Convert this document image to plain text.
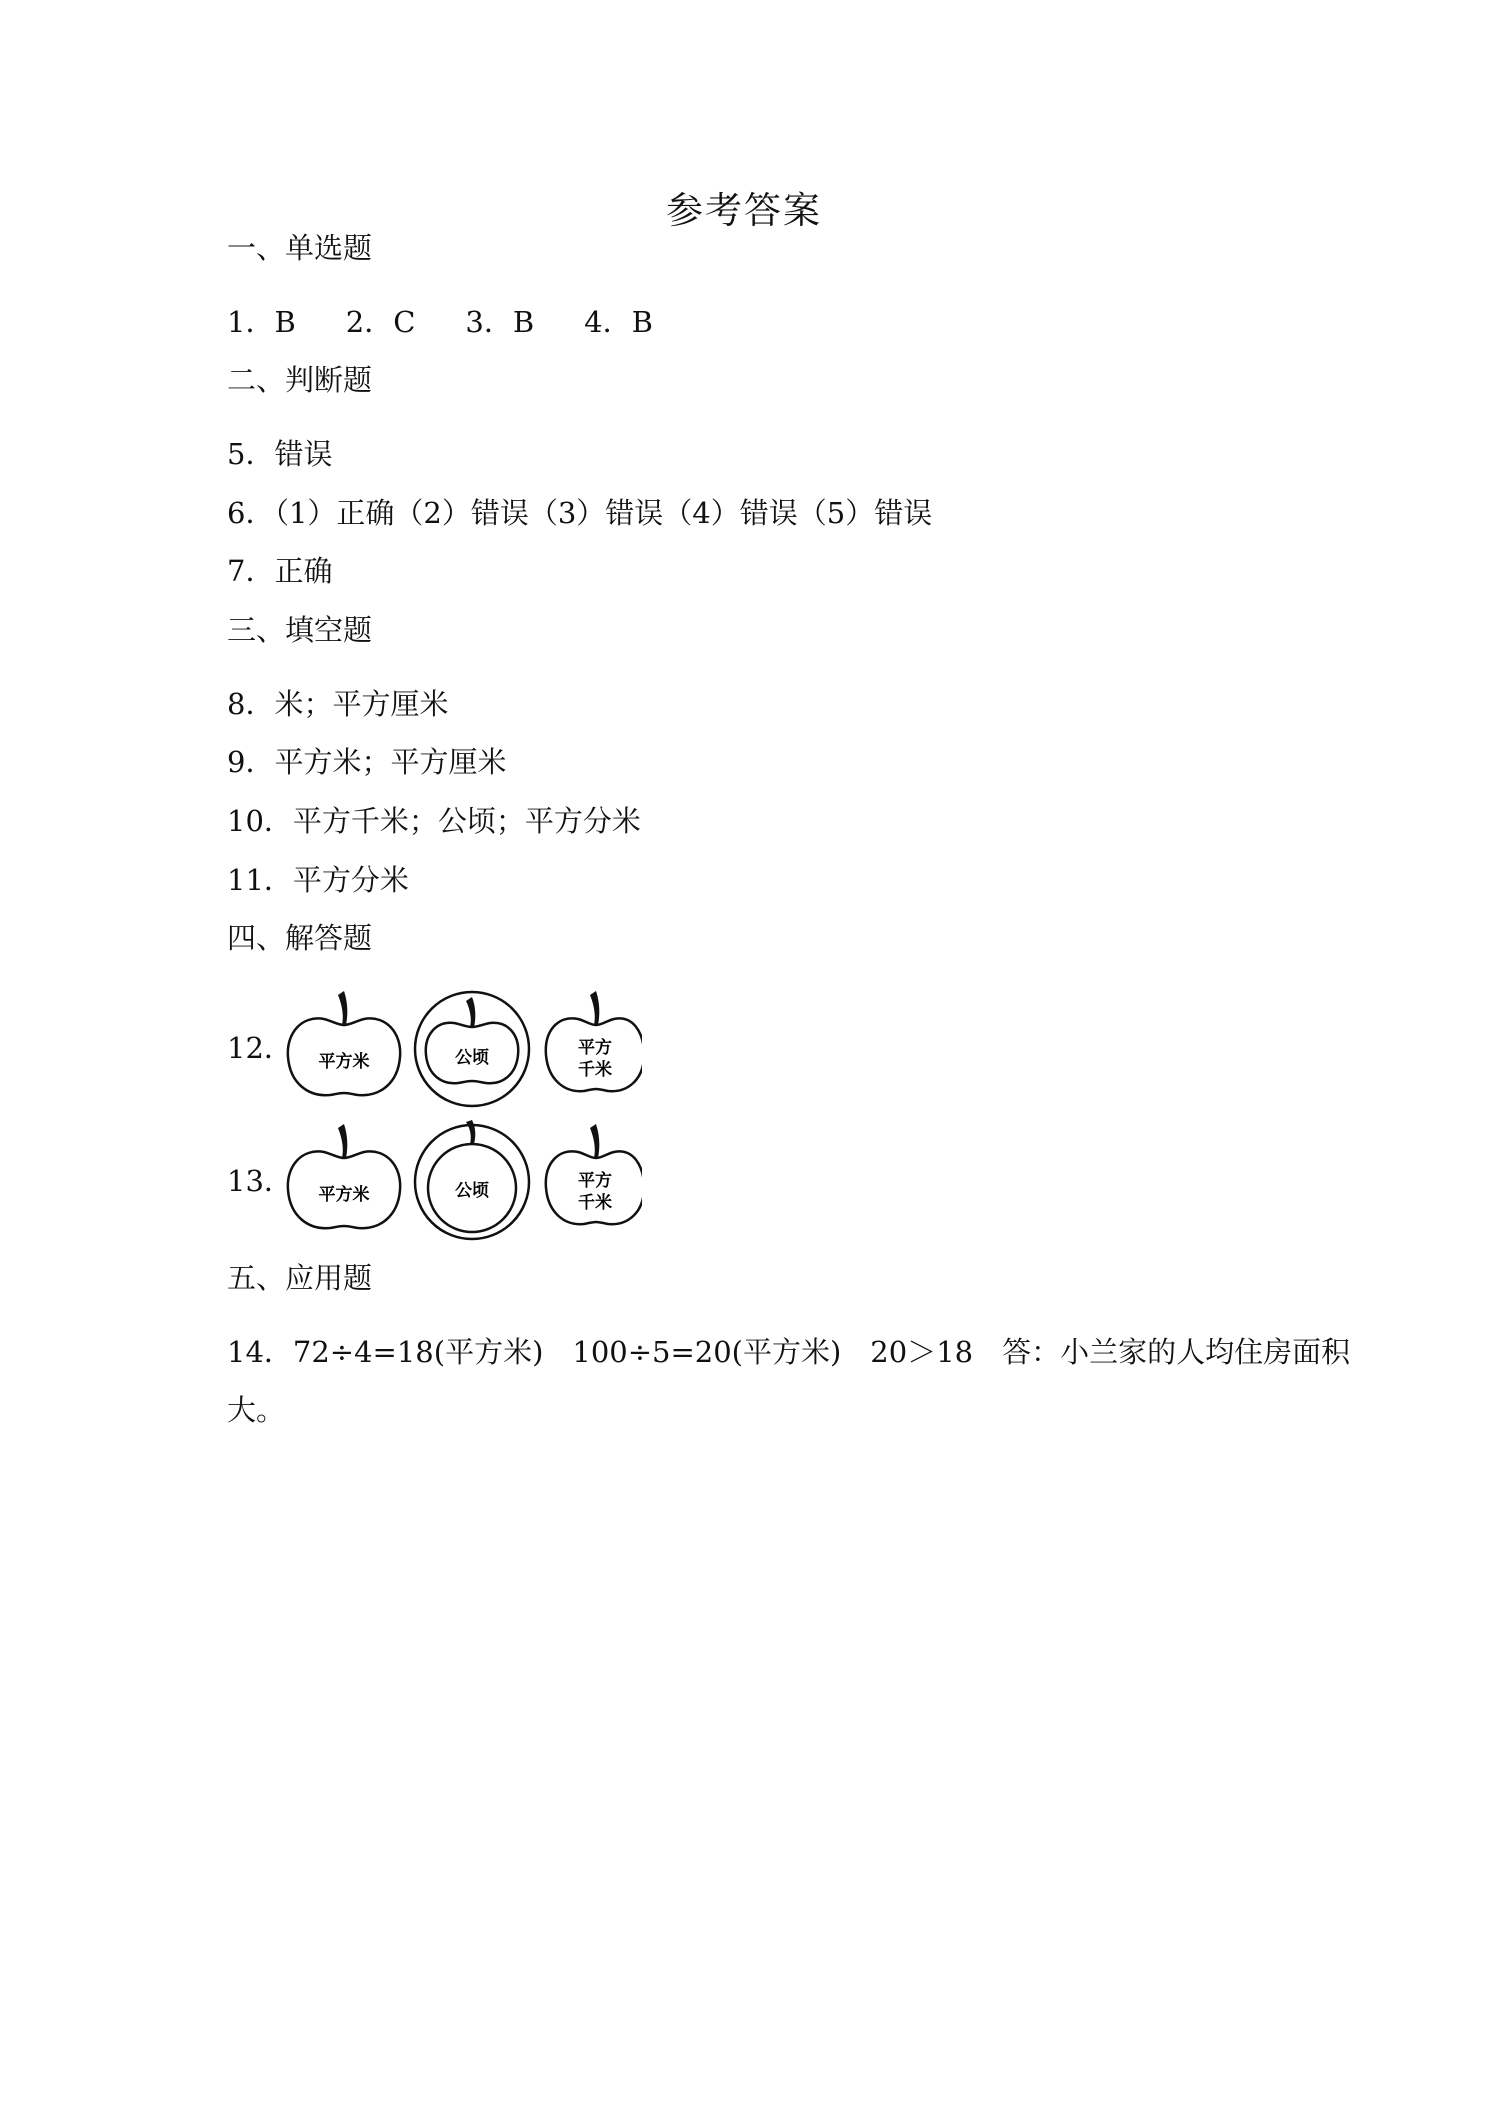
参考答案
一、单选题
1．B 2．C 3．B 4．B
二、判断题
5．错误
6．（1）正确（2）错误（3）错误（4）错误（5）错误
7．正确
三、填空题
8．米；平方厘米
9．平方米；平方厘米
10．平方千米；公顷；平方分米
11．平方分米
四、解答题
12． 平方米	公顷	平方
千米
13． 平方米	公顷	平方
千米
五、应用题
14．72÷4=18(平方米)　100÷5=20(平方米)　20＞18　答：小兰家的人均住房面积
大。
